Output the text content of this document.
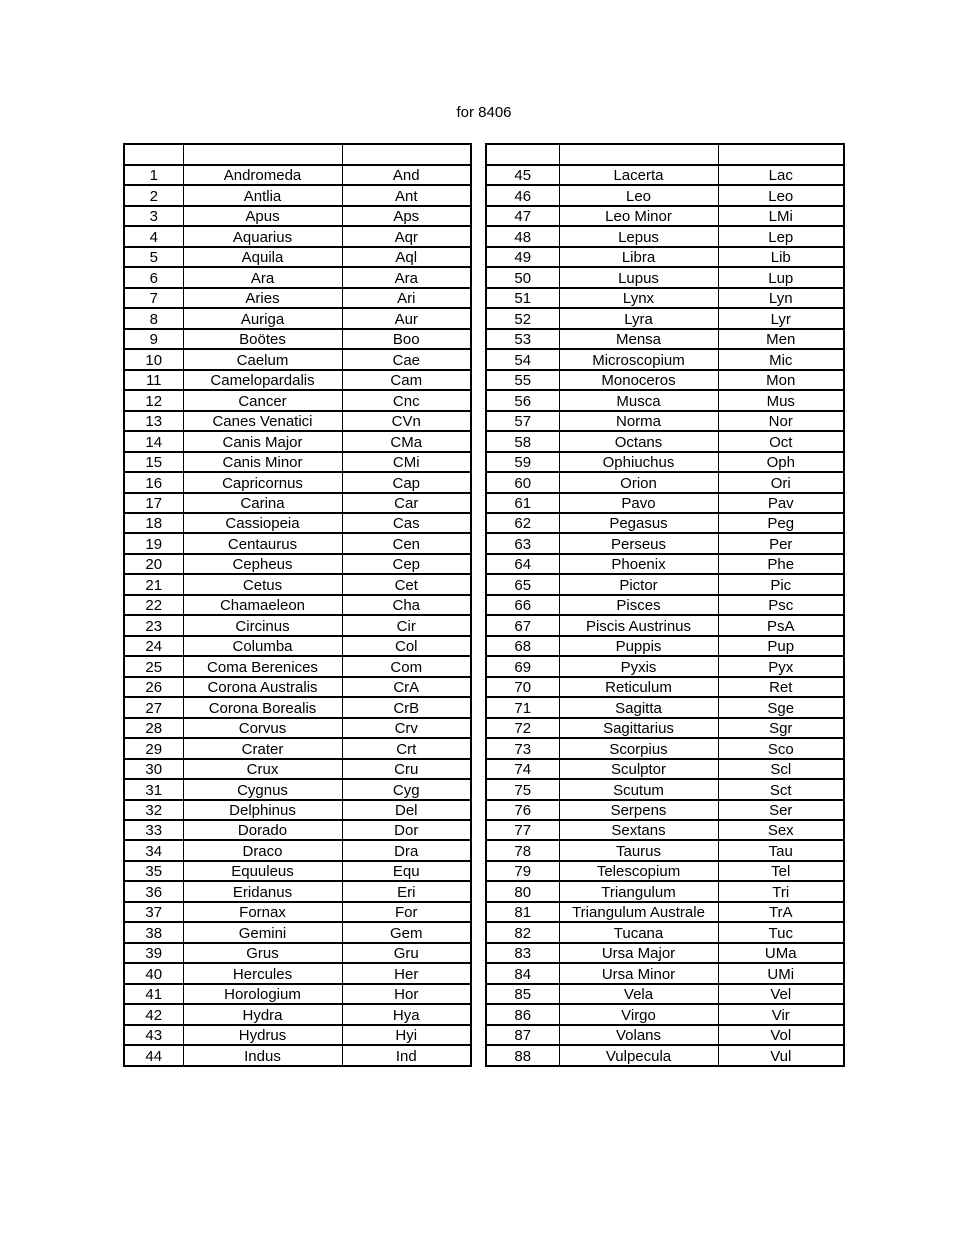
for 8406

1	Andromeda	And
2	Antlia	Ant
3	Apus	Aps
4	Aquarius	Aqr
5	Aquila	Aql
6	Ara	Ara
7	Aries	Ari
8	Auriga	Aur
9	Boötes	Boo
10	Caelum	Cae
11	Camelopardalis	Cam
12	Cancer	Cnc
13	Canes Venatici	CVn
14	Canis Major	CMa
15	Canis Minor	CMi
16	Capricornus	Cap
17	Carina	Car
18	Cassiopeia	Cas
19	Centaurus	Cen
20	Cepheus	Cep
21	Cetus	Cet
22	Chamaeleon	Cha
23	Circinus	Cir
24	Columba	Col
25	Coma Berenices	Com
26	Corona Australis	CrA
27	Corona Borealis	CrB
28	Corvus	Crv
29	Crater	Crt
30	Crux	Cru
31	Cygnus	Cyg
32	Delphinus	Del
33	Dorado	Dor
34	Draco	Dra
35	Equuleus	Equ
36	Eridanus	Eri
37	Fornax	For
38	Gemini	Gem
39	Grus	Gru
40	Hercules	Her
41	Horologium	Hor
42	Hydra	Hya
43	Hydrus	Hyi
44	Indus	Ind

45	Lacerta	Lac
46	Leo	Leo
47	Leo Minor	LMi
48	Lepus	Lep
49	Libra	Lib
50	Lupus	Lup
51	Lynx	Lyn
52	Lyra	Lyr
53	Mensa	Men
54	Microscopium	Mic
55	Monoceros	Mon
56	Musca	Mus
57	Norma	Nor
58	Octans	Oct
59	Ophiuchus	Oph
60	Orion	Ori
61	Pavo	Pav
62	Pegasus	Peg
63	Perseus	Per
64	Phoenix	Phe
65	Pictor	Pic
66	Pisces	Psc
67	Piscis Austrinus	PsA
68	Puppis	Pup
69	Pyxis	Pyx
70	Reticulum	Ret
71	Sagitta	Sge
72	Sagittarius	Sgr
73	Scorpius	Sco
74	Sculptor	Scl
75	Scutum	Sct
76	Serpens	Ser
77	Sextans	Sex
78	Taurus	Tau
79	Telescopium	Tel
80	Triangulum	Tri
81	Triangulum Australe	TrA
82	Tucana	Tuc
83	Ursa Major	UMa
84	Ursa Minor	UMi
85	Vela	Vel
86	Virgo	Vir
87	Volans	Vol
88	Vulpecula	Vul
